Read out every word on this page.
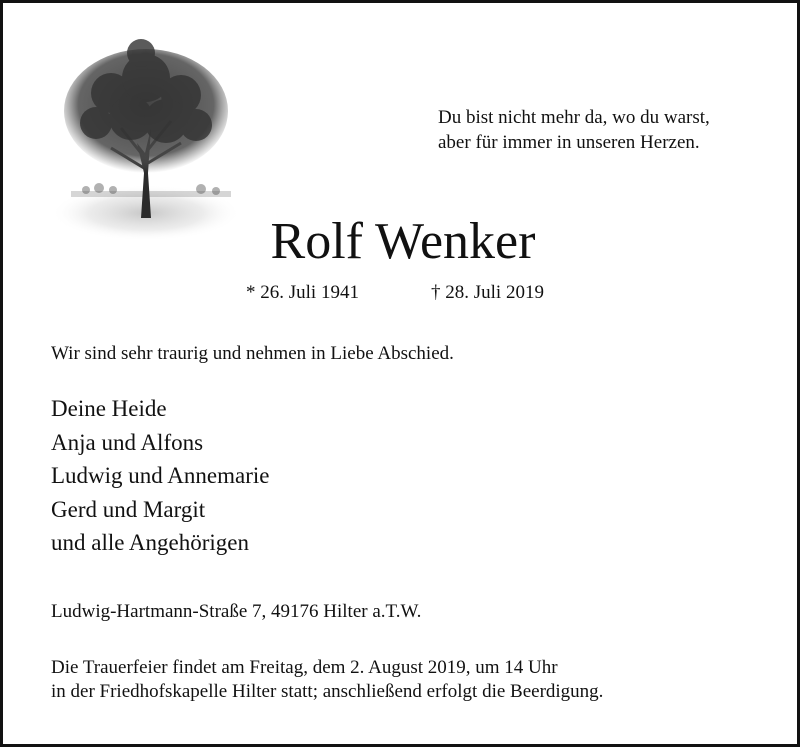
Du bist nicht mehr da, wo du warst,
aber für immer in unseren Herzen.
Rolf Wenker
* 26. Juli 1941	† 28. Juli 2019
Wir sind sehr traurig und nehmen in Liebe Abschied.
Deine Heide
Anja und Alfons
Ludwig und Annemarie
Gerd und Margit
und alle Angehörigen
Ludwig-Hartmann-Straße 7, 49176 Hilter a.T.W.
Die Trauerfeier findet am Freitag, dem 2. August 2019, um 14 Uhr
in der Friedhofskapelle Hilter statt; anschließend erfolgt die Beerdigung.
